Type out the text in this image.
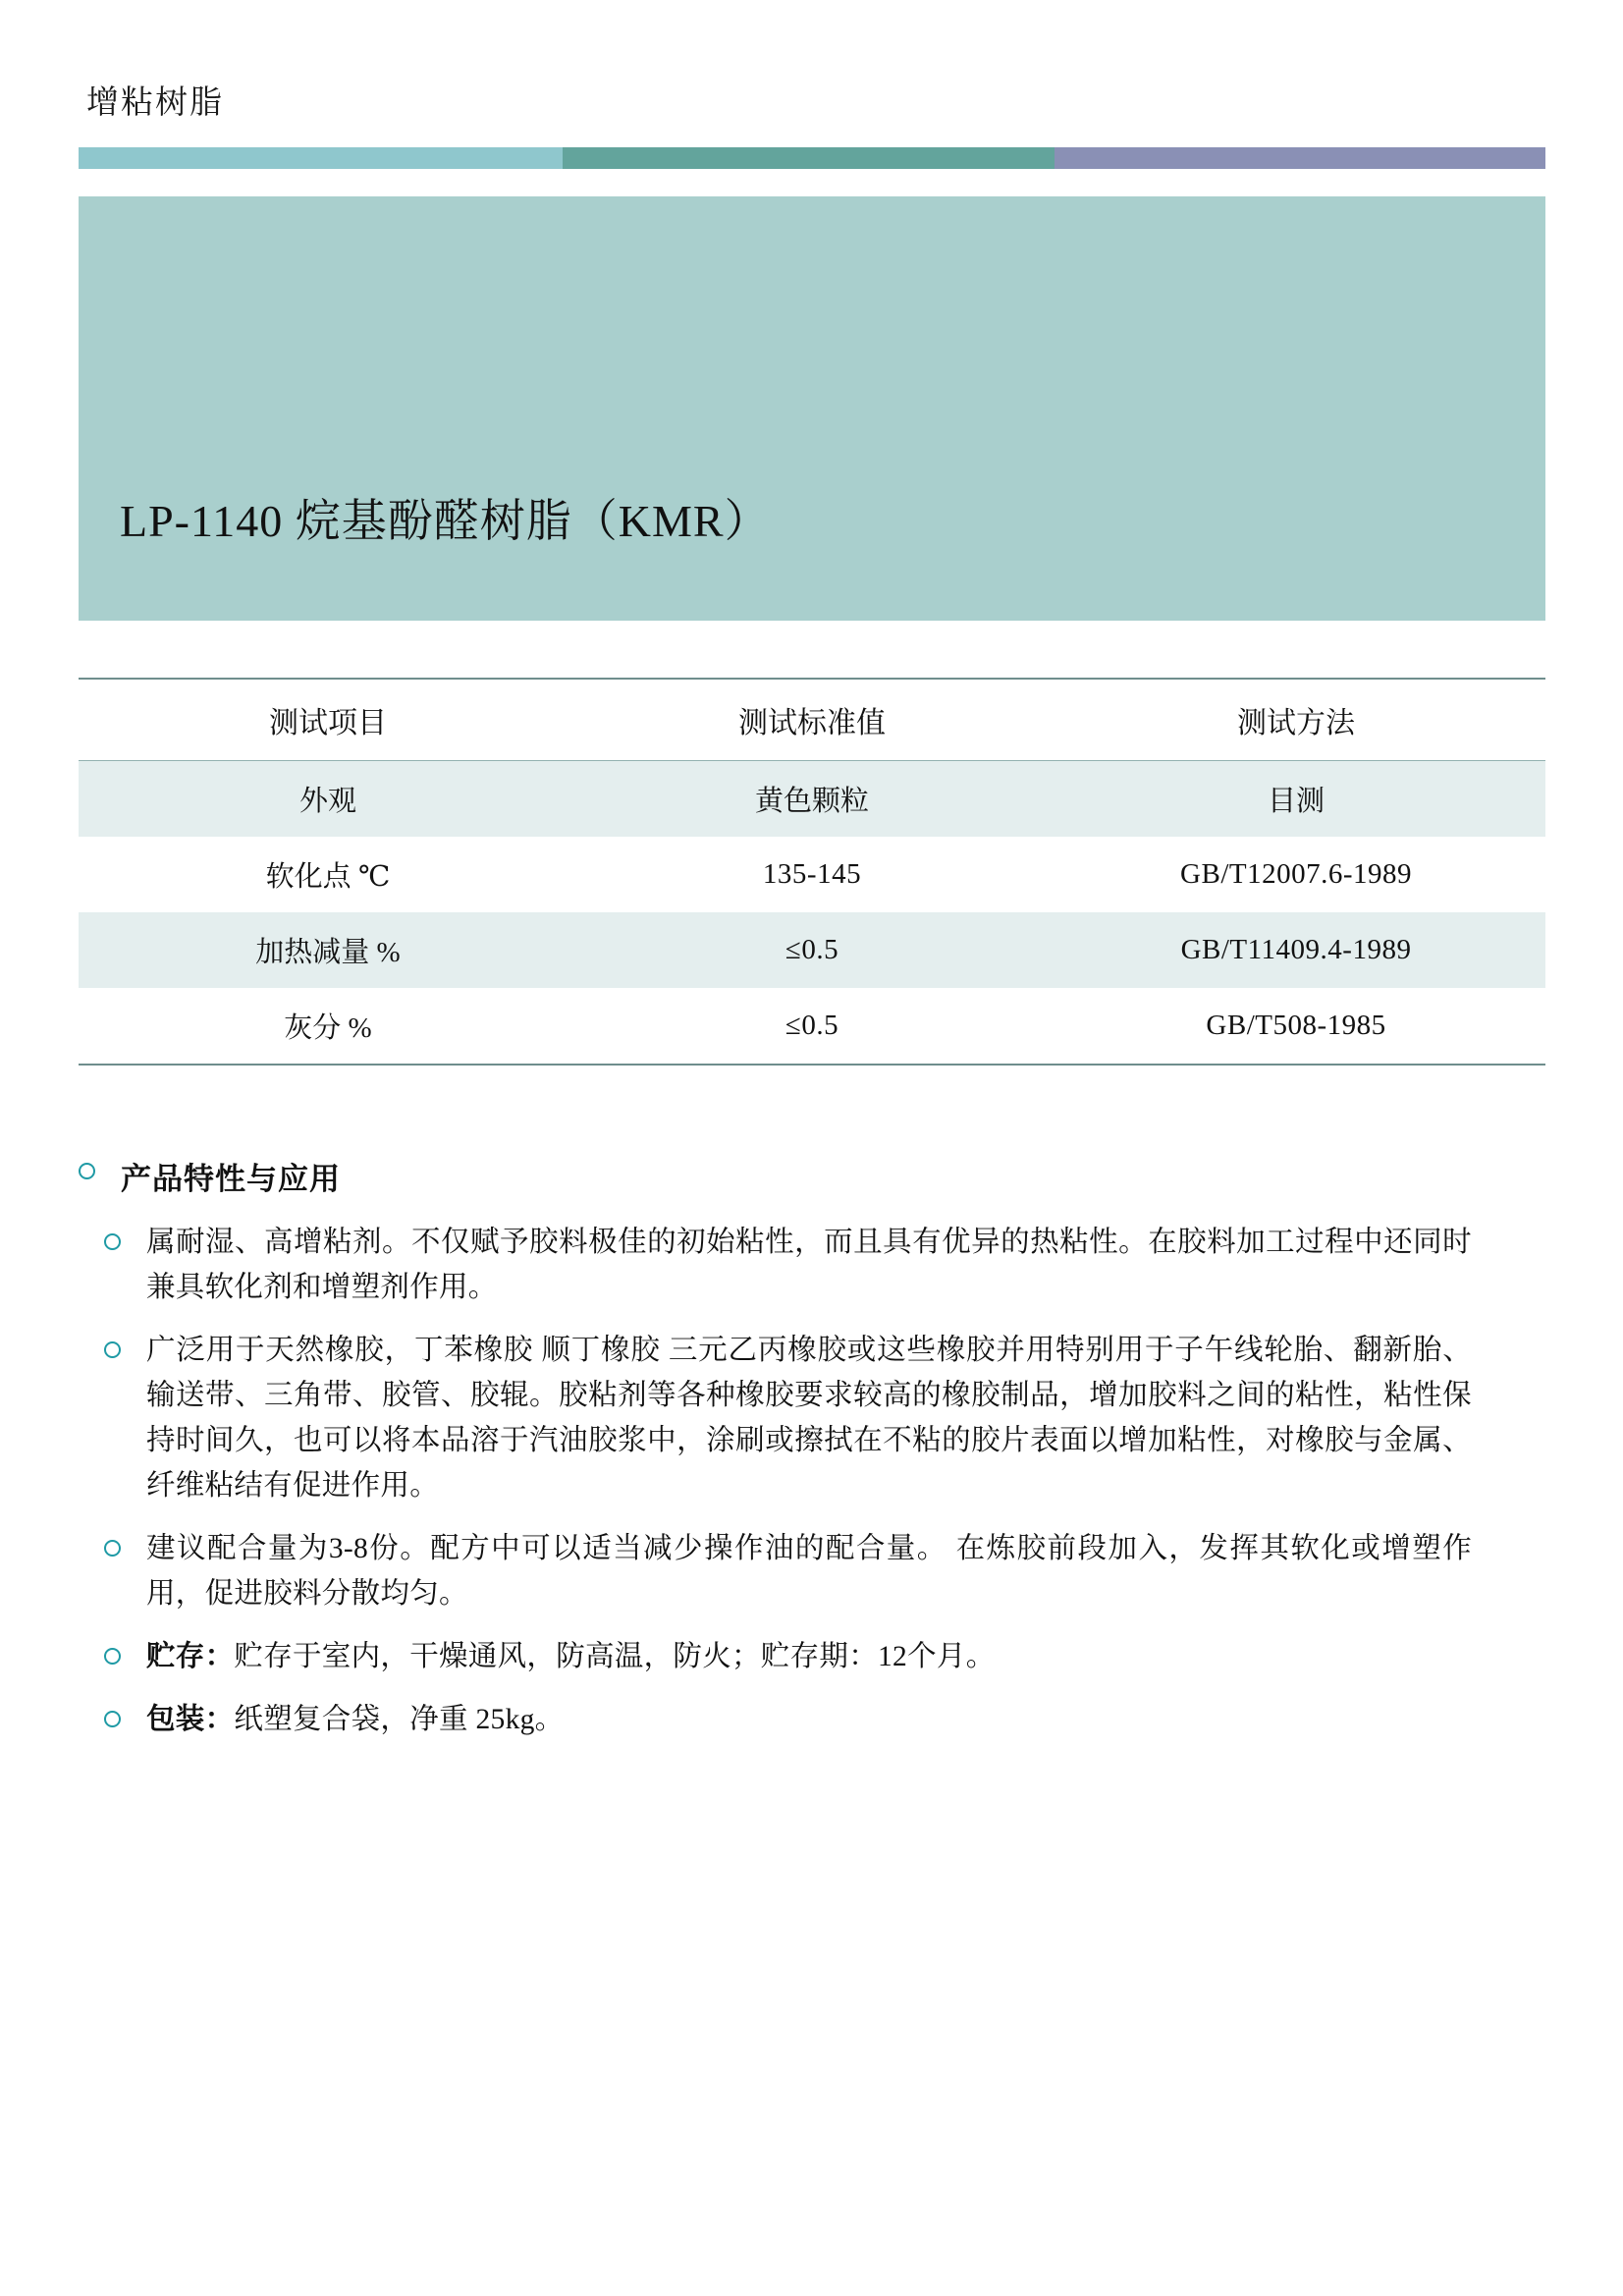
增粘树脂
LP-1140 烷基酚醛树脂（KMR）
测试项目	测试标准值	测试方法
外观	黄色颗粒	目测
软化点 ℃	135-145	GB/T12007.6-1989
加热减量 %	≤0.5	GB/T11409.4-1989
灰分 %	≤0.5	GB/T508-1985
产品特性与应用
属耐湿、高增粘剂。不仅赋予胶料极佳的初始粘性，而且具有优异的热粘性。在胶料加工过程中还同时兼具软化剂和增塑剂作用。
广泛用于天然橡胶，丁苯橡胶 顺丁橡胶 三元乙丙橡胶或这些橡胶并用特别用于子午线轮胎、翻新胎、输送带、三角带、胶管、胶辊。胶粘剂等各种橡胶要求较高的橡胶制品，增加胶料之间的粘性，粘性保持时间久，也可以将本品溶于汽油胶浆中，涂刷或擦拭在不粘的胶片表面以增加粘性，对橡胶与金属、纤维粘结有促进作用。
建议配合量为3-8份。配方中可以适当减少操作油的配合量。 在炼胶前段加入，发挥其软化或增塑作用，促进胶料分散均匀。
贮存：贮存于室内，干燥通风，防高温，防火；贮存期：12个月。
包装：纸塑复合袋，净重 25kg。
